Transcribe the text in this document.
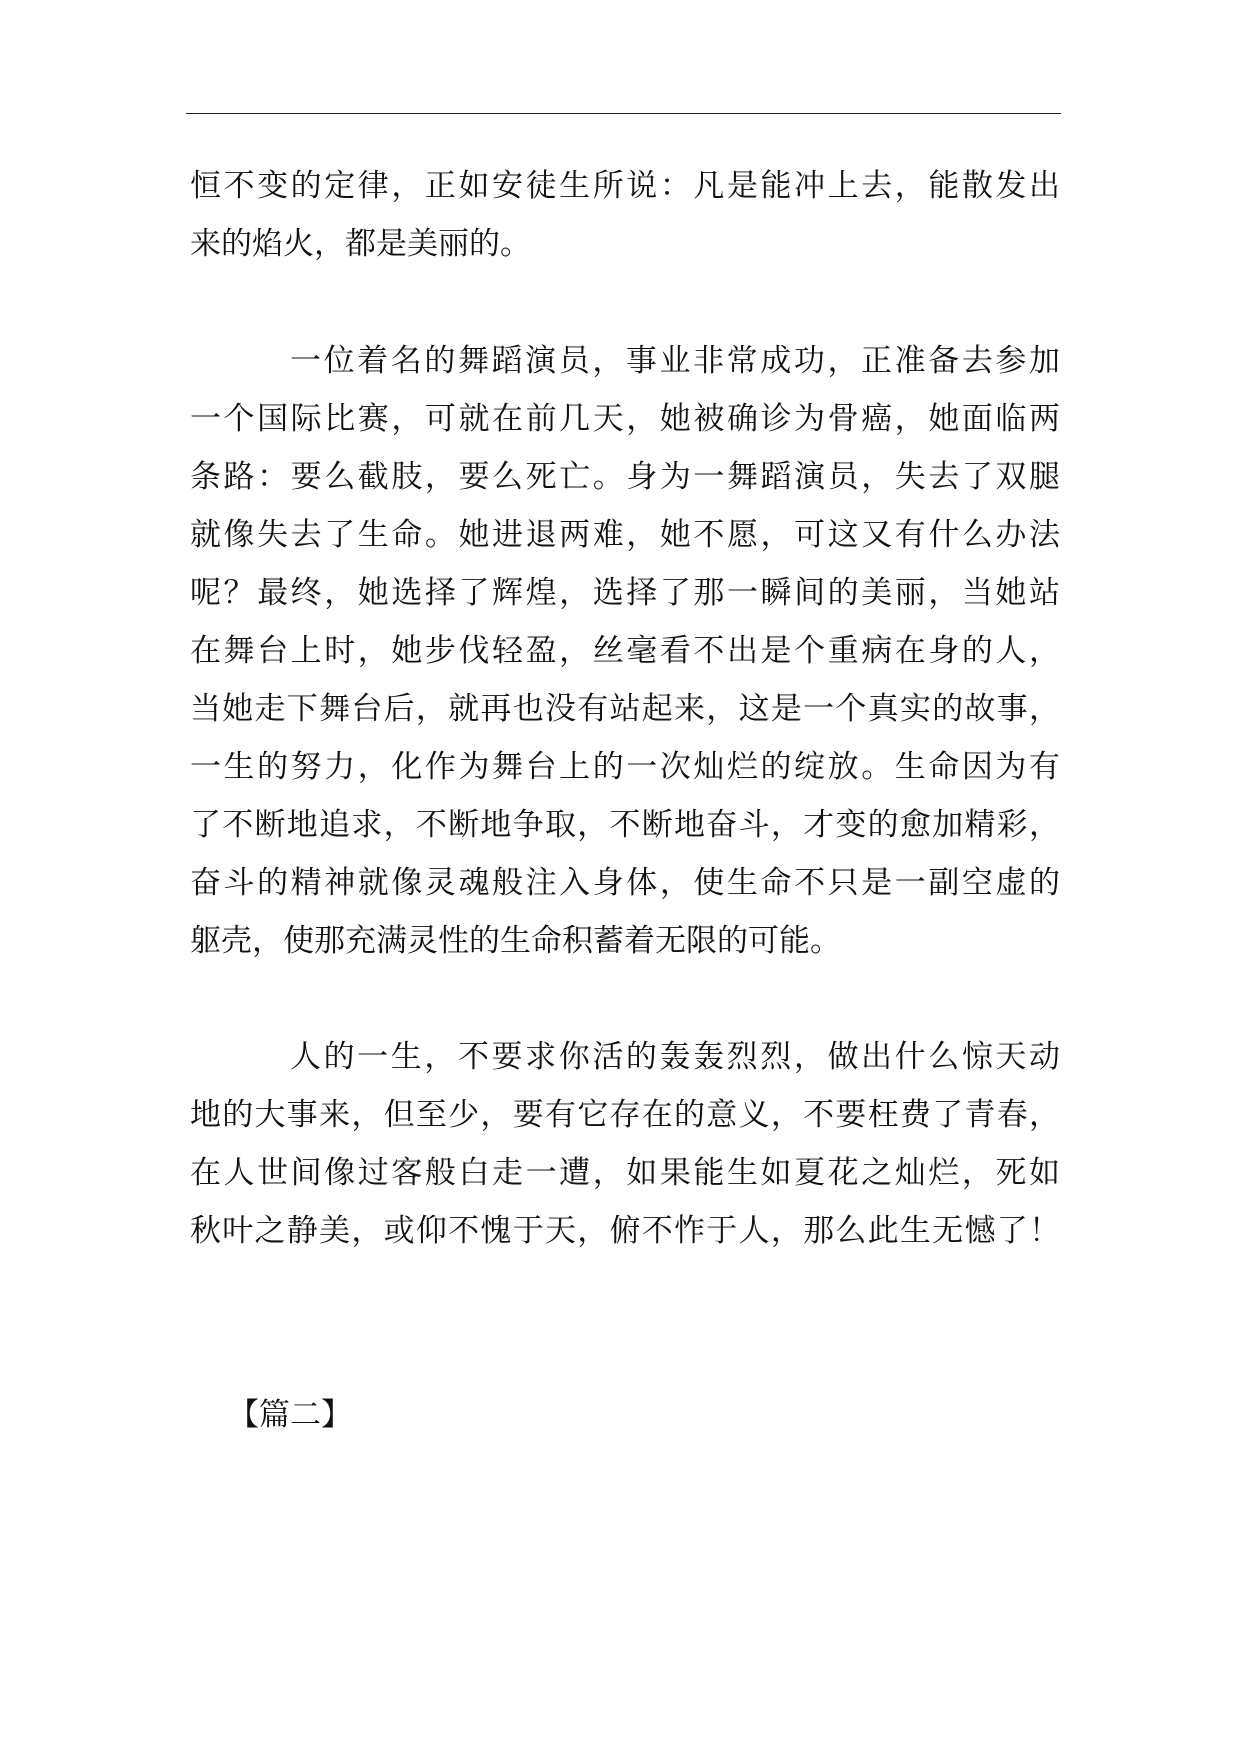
恒不变的定律，正如安徒生所说：凡是能冲上去，能散发出
来的焰火，都是美丽的。
一位着名的舞蹈演员，事业非常成功，正准备去参加
一个国际比赛，可就在前几天，她被确诊为骨癌，她面临两
条路：要么截肢，要么死亡。身为一舞蹈演员，失去了双腿
就像失去了生命。她进退两难，她不愿，可这又有什么办法
呢？最终，她选择了辉煌，选择了那一瞬间的美丽，当她站
在舞台上时，她步伐轻盈，丝毫看不出是个重病在身的人，
当她走下舞台后，就再也没有站起来，这是一个真实的故事，
一生的努力，化作为舞台上的一次灿烂的绽放。生命因为有
了不断地追求，不断地争取，不断地奋斗，才变的愈加精彩，
奋斗的精神就像灵魂般注入身体，使生命不只是一副空虚的
躯壳，使那充满灵性的生命积蓄着无限的可能。
人的一生，不要求你活的轰轰烈烈，做出什么惊天动
地的大事来，但至少，要有它存在的意义，不要枉费了青春，
在人世间像过客般白走一遭，如果能生如夏花之灿烂，死如
秋叶之静美，或仰不愧于天，俯不怍于人，那么此生无憾了！
【篇二】
